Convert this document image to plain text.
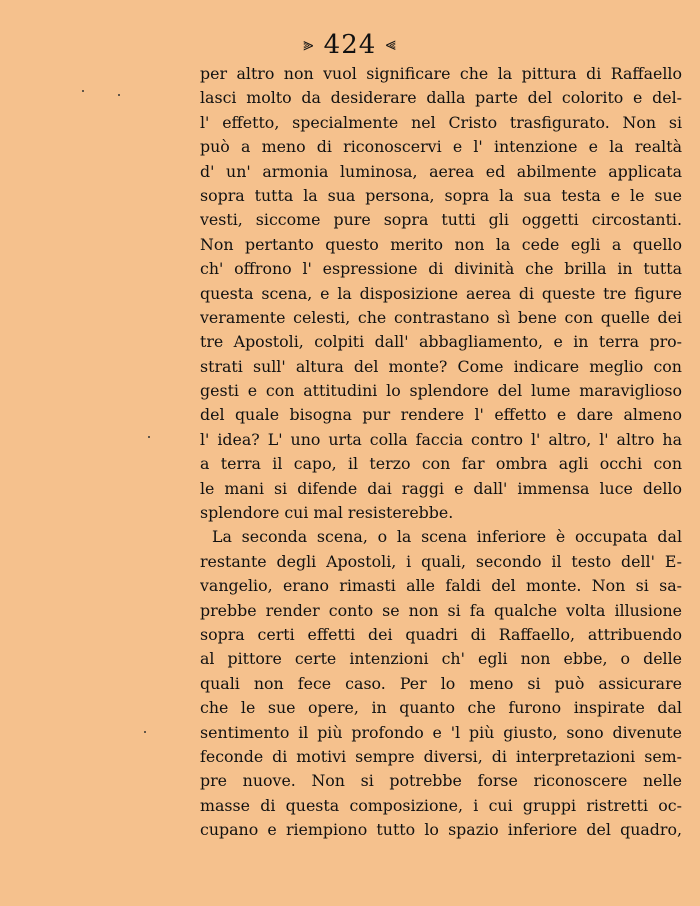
⫸ 424 ⫷
per altro non vuol significare che la pittura di Raffaello
lasci molto da desiderare dalla parte del colorito e del-
l' effetto, specialmente nel Cristo trasfigurato. Non si
può a meno di riconoscervi e l' intenzione e la realtà
d' un' armonia luminosa, aerea ed abilmente applicata
sopra tutta la sua persona, sopra la sua testa e le sue
vesti, siccome pure sopra tutti gli oggetti circostanti.
Non pertanto questo merito non la cede egli a quello
ch' offrono l' espressione di divinità che brilla in tutta
questa scena, e la disposizione aerea di queste tre figure
veramente celesti, che contrastano sì bene con quelle dei
tre Apostoli, colpiti dall' abbagliamento, e in terra pro-
strati sull' altura del monte? Come indicare meglio con
gesti e con attitudini lo splendore del lume maraviglioso
del quale bisogna pur rendere l' effetto e dare almeno
l' idea? L' uno urta colla faccia contro l' altro, l' altro ha
a terra il capo, il terzo con far ombra agli occhi con
le mani si difende dai raggi e dall' immensa luce dello
splendore cui mal resisterebbe.
La seconda scena, o la scena inferiore è occupata dal
restante degli Apostoli, i quali, secondo il testo dell' E-
vangelio, erano rimasti alle faldi del monte. Non si sa-
prebbe render conto se non si fa qualche volta illusione
sopra certi effetti dei quadri di Raffaello, attribuendo
al pittore certe intenzioni ch' egli non ebbe, o delle
quali non fece caso. Per lo meno si può assicurare
che le sue opere, in quanto che furono inspirate dal
sentimento il più profondo e 'l più giusto, sono divenute
feconde di motivi sempre diversi, di interpretazioni sem-
pre nuove. Non si potrebbe forse riconoscere nelle
masse di questa composizione, i cui gruppi ristretti oc-
cupano e riempiono tutto lo spazio inferiore del quadro,
